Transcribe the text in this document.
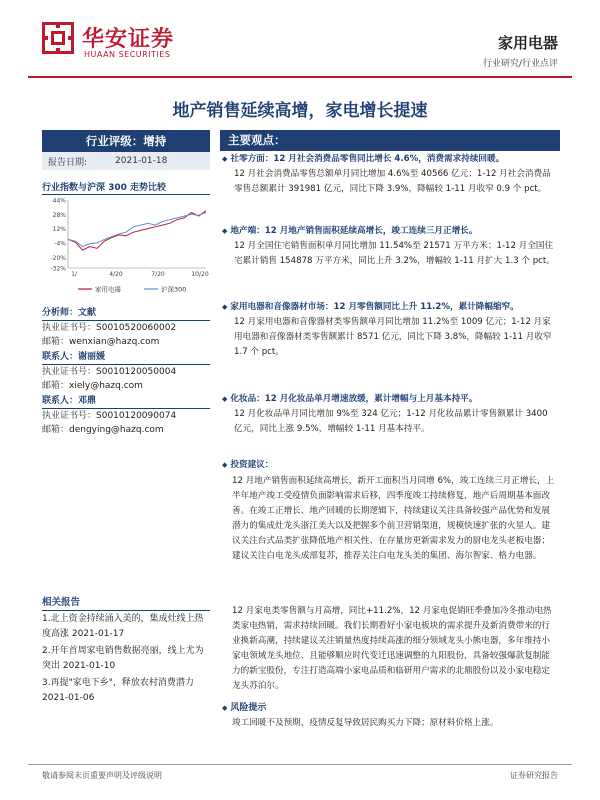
华安证券
HUAAN SECURITIES
家用电器
行业研究/行业点评
地产销售延续高增，家电增长提速
行业评级：增持
报告日期:	2021-01-18
行业指数与沪深 300 走势比较
44%
28%
12%
-4%
-20%
-32%
1/	4/20	7/20	10/20
家用电器	沪深300
分析师：文献
执业证书号：S0010520060002
邮箱：wenxian@hazq.com
联系人：谢丽媛
执业证书号：S0010120050004
邮箱：xiely@hazq.com
联系人：邓鼎
执业证书号：S0010120090074
邮箱：dengying@hazq.com
相关报告
1.北上资金持续涌入美的，集成灶线上热度高涨 2021-01-17
2.开年首周家电销售数据亮丽，线上尤为突出 2021-01-10
3.再提"家电下乡"，释放农村消费潜力 2021-01-06
主要观点：
◆ 社零方面：12 月社会消费品零售同比增长 4.6%，消费需求持续回暖。
12 月社会消费品零售总额单月同比增加 4.6%至 40566 亿元；1-12 月社会消费品零售总额累计 391981 亿元，同比下降 3.9%，降幅较 1-11 月收窄 0.9 个 pct。
◆ 地产端：12 月地产销售面积延续高增长，竣工连续三月正增长。
12 月全国住宅销售面积单月同比增加 11.54%至 21571 万平方米；1-12 月全国住宅累计销售 154878 万平方米，同比上升 3.2%，增幅较 1-11 月扩大 1.3 个 pct。
◆ 家用电器和音像器材市场：12 月零售额同比上升 11.2%，累计降幅缩窄。
12 月家用电器和音像器材类零售额单月同比增加 11.2%至 1009 亿元；1-12 月家用电器和音像器材类零售额累计 8571 亿元，同比下降 3.8%，降幅较 1-11 月收窄 1.7 个 pct。
◆ 化妆品：12 月化妆品单月增速放缓，累计增幅与上月基本持平。
12 月化妆品单月同比增加 9%至 324 亿元；1-12 月化妆品累计零售额累计 3400 亿元，同比上涨 9.5%，增幅较 1-11 月基本持平。
◆ 投资建议：
12 月地产销售面积延续高增长，新开工面积当月同增 6%，竣工连续三月正增长，上半年地产竣工受疫情负面影响需求后移，四季度竣工持续修复，地产后周期基本面改善。在竣工正增长、地产回暖的长期逻辑下，持续建议关注具备较强产品优势和发展潜力的集成灶龙头浙江美大以及把握多个前卫营销渠道，规模快速扩张的火星人。建议关注台式品类扩张降低地产相关性、在存量房更新需求发力的厨电龙头老板电器；建议关注白电龙头成部复苏，推荐关注白电龙头美的集团、海尔智家、格力电器。
12 月家电类零售额与月高增，同比+11.2%，12 月家电促销旺季叠加冷冬推动电热类家电热销，需求持续回暖。我们长期看好小家电板块的需求提升及新消费带来的行业换新高潮，持续建议关注销量热度持续高涨的细分领域龙头小熊电器，多年维持小家电领域龙头地位、且能够顺应时代变迁迅速调整的九阳股份，具备较强爆款复制能力的新宝股份，专注打造高端小家电品质和临研用户需求的北鼎股份以及小家电稳定龙头苏泊尔。
◆ 风险提示
竣工回暖不及预期，疫情反复导致居民购买力下降；原材料价格上涨。
敬请参阅末页重要声明及评级说明	证券研究报告
